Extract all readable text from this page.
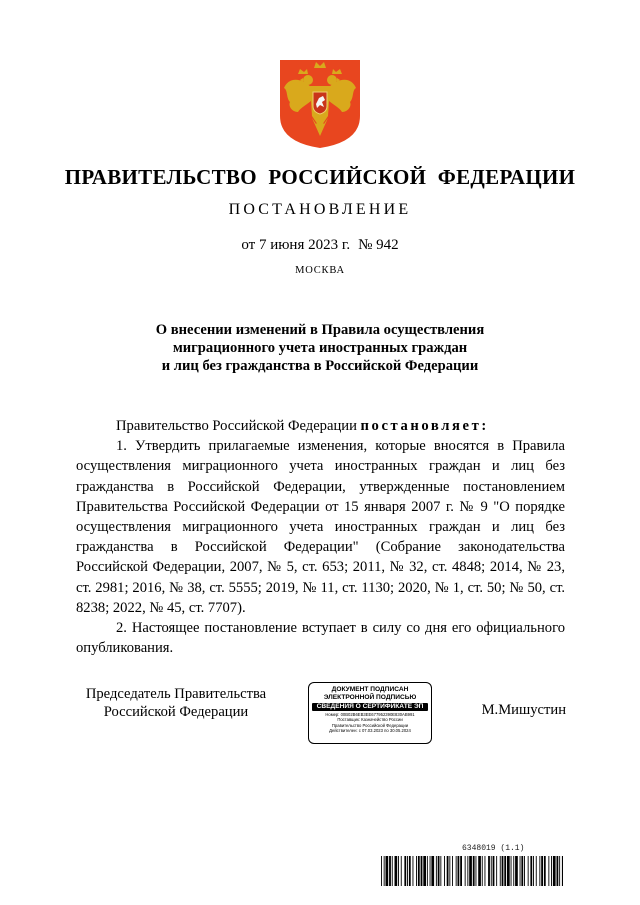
ПРАВИТЕЛЬСТВО РОССИЙСКОЙ ФЕДЕРАЦИИ
ПОСТАНОВЛЕНИЕ
от 7 июня 2023 г. № 942
МОСКВА
О внесении изменений в Правила осуществления
миграционного учета иностранных граждан
и лиц без гражданства в Российской Федерации

Правительство Российской Федерации постановляет:

1. Утвердить прилагаемые изменения, которые вносятся в Правила осуществления миграционного учета иностранных граждан и лиц без гражданства в Российской Федерации, утвержденные постановлением Правительства Российской Федерации от 15 января 2007 г. № 9 "О порядке осуществления миграционного учета иностранных граждан и лиц без гражданства в Российской Федерации" (Собрание законодательства Российской Федерации, 2007, № 5, ст. 653; 2011, № 32, ст. 4848; 2014, № 23, ст. 2981; 2016, № 38, ст. 5555; 2019, № 11, ст. 1130; 2020, № 1, ст. 50; № 50, ст. 8238; 2022, № 45, ст. 7707).

2. Настоящее постановление вступает в силу со дня его официального опубликования.

Председатель Правительства
Российской Федерации
ДОКУМЕНТ ПОДПИСАН
ЭЛЕКТРОННОЙ ПОДПИСЬЮ
СВЕДЕНИЯ О СЕРТИФИКАТЕ ЭП
Номер: 00B02B6EB3EE677952390E830AB991
Поставщик: Казначейство России
Правительство Российской Федерации
Действителен: с 07.03.2023 по 30.05.2024
М.Мишустин
6348019 (1.1)
